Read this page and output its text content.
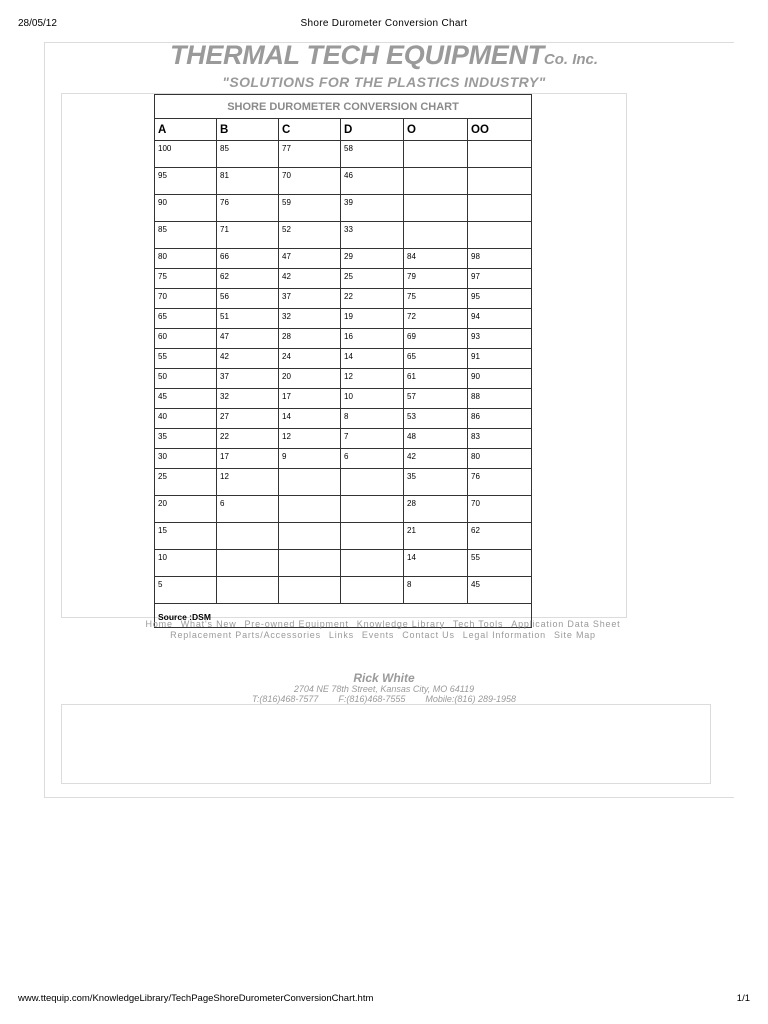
28/05/12	Shore Durometer Conversion Chart
THERMAL TECH EQUIPMENTCo. Inc.
"SOLUTIONS FOR THE PLASTICS INDUSTRY"
SHORE DUROMETER CONVERSION CHART					
A	B	C	D	O	OO
100	85	77	58		
95	81	70	46		
90	76	59	39		
85	71	52	33		
80	66	47	29	84	98
75	62	42	25	79	97
70	56	37	22	75	95
65	51	32	19	72	94
60	47	28	16	69	93
55	42	24	14	65	91
50	37	20	12	61	90
45	32	17	10	57	88
40	27	14	8	53	86
35	22	12	7	48	83
30	17	9	6	42	80
25	12			35	76
20	6			28	70
15				21	62
10				14	55
5				8	45
Source :DSM					
Home What's New Pre-owned Equipment Knowledge Library Tech Tools Application Data Sheet
Replacement Parts/Accessories Links Events Contact Us Legal Information Site Map
Rick White
2704 NE 78th Street, Kansas City, MO 64119
T:(816)468-7577 F:(816)468-7555 Mobile:(816) 289-1958
www.ttequip.com/KnowledgeLibrary/TechPageShoreDurometerConversionChart.htm	1/1
